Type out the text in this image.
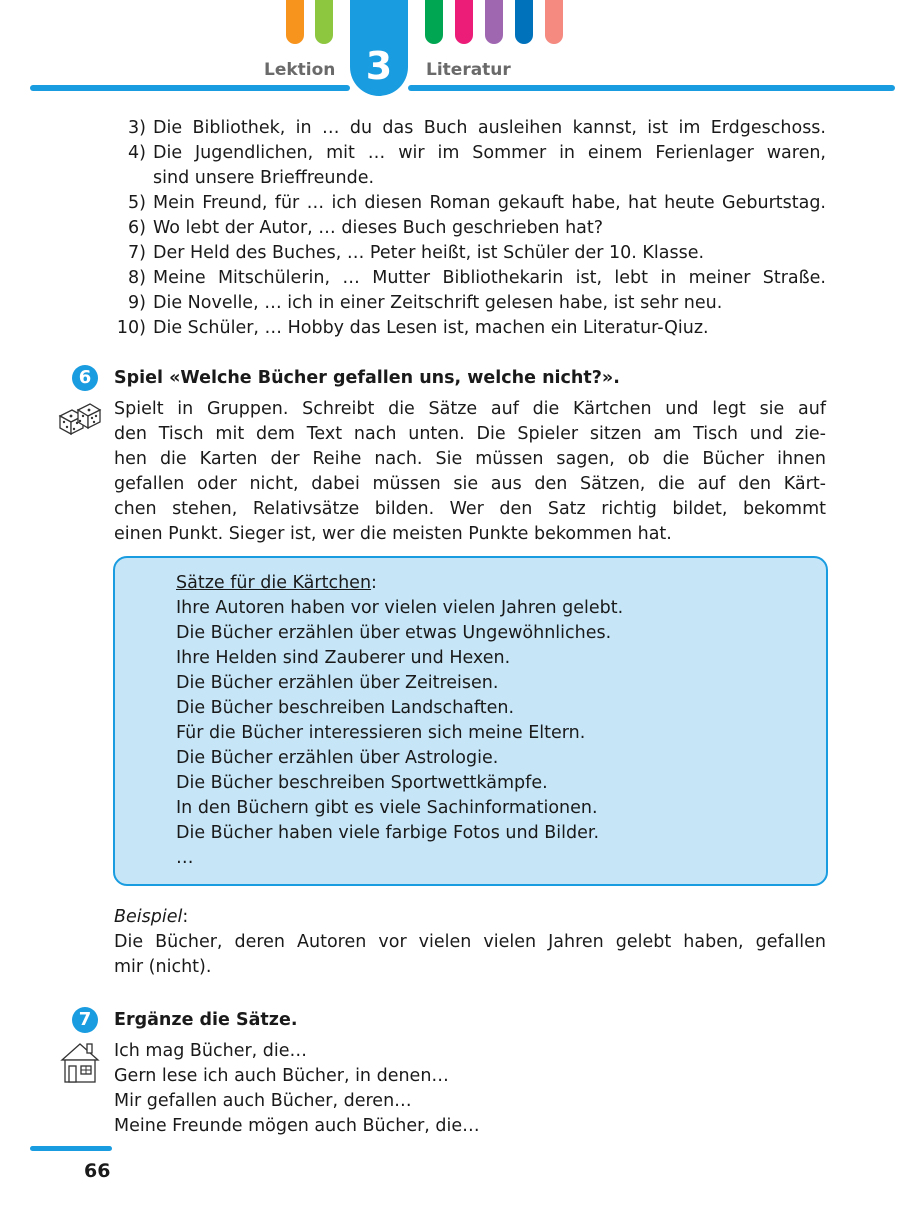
Lektion 3	Literatur
3) Die Bibliothek, in … du das Buch ausleihen kannst, ist im Erdgeschoss.
4) Die Jugendlichen, mit … wir im Sommer in einem Ferienlager waren,
sind unsere Brieffreunde.
5) Mein Freund, für … ich diesen Roman gekauft habe, hat heute Geburtstag.
6) Wo lebt der Autor, … dieses Buch geschrieben hat?
7) Der Held des Buches, … Peter heißt, ist Schüler der 10. Klasse.
8) Meine Mitschülerin, … Mutter Bibliothekarin ist, lebt in meiner Straße.
9) Die Novelle, … ich in einer Zeitschrift gelesen habe, ist sehr neu.
10) Die Schüler, … Hobby das Lesen ist, machen ein Literatur-Qiuz.
6	Spiel «Welche Bücher gefallen uns, welche nicht?».
Spielt in Gruppen. Schreibt die Sätze auf die Kärtchen und legt sie auf
den Tisch mit dem Text nach unten. Die Spieler sitzen am Tisch und zie-
hen die Karten der Reihe nach. Sie müssen sagen, ob die Bücher ihnen
gefallen oder nicht, dabei müssen sie aus den Sätzen, die auf den Kärt-
chen stehen, Relativsätze bilden. Wer den Satz richtig bildet, bekommt
einen Punkt. Sieger ist, wer die meisten Punkte bekommen hat.
Sätze für die Kärtchen:
Ihre Autoren haben vor vielen vielen Jahren gelebt.
Die Bücher erzählen über etwas Ungewöhnliches.
Ihre Helden sind Zauberer und Hexen.
Die Bücher erzählen über Zeitreisen.
Die Bücher beschreiben Landschaften.
Für die Bücher interessieren sich meine Eltern.
Die Bücher erzählen über Astrologie.
Die Bücher beschreiben Sportwettkämpfe.
In den Büchern gibt es viele Sachinformationen.
Die Bücher haben viele farbige Fotos und Bilder.
…
Beispiel:
Die Bücher, deren Autoren vor vielen vielen Jahren gelebt haben, gefallen
mir (nicht).
7	Ergänze die Sätze.
Ich mag Bücher, die…
Gern lese ich auch Bücher, in denen…
Mir gefallen auch Bücher, deren…
Meine Freunde mögen auch Bücher, die…
66
